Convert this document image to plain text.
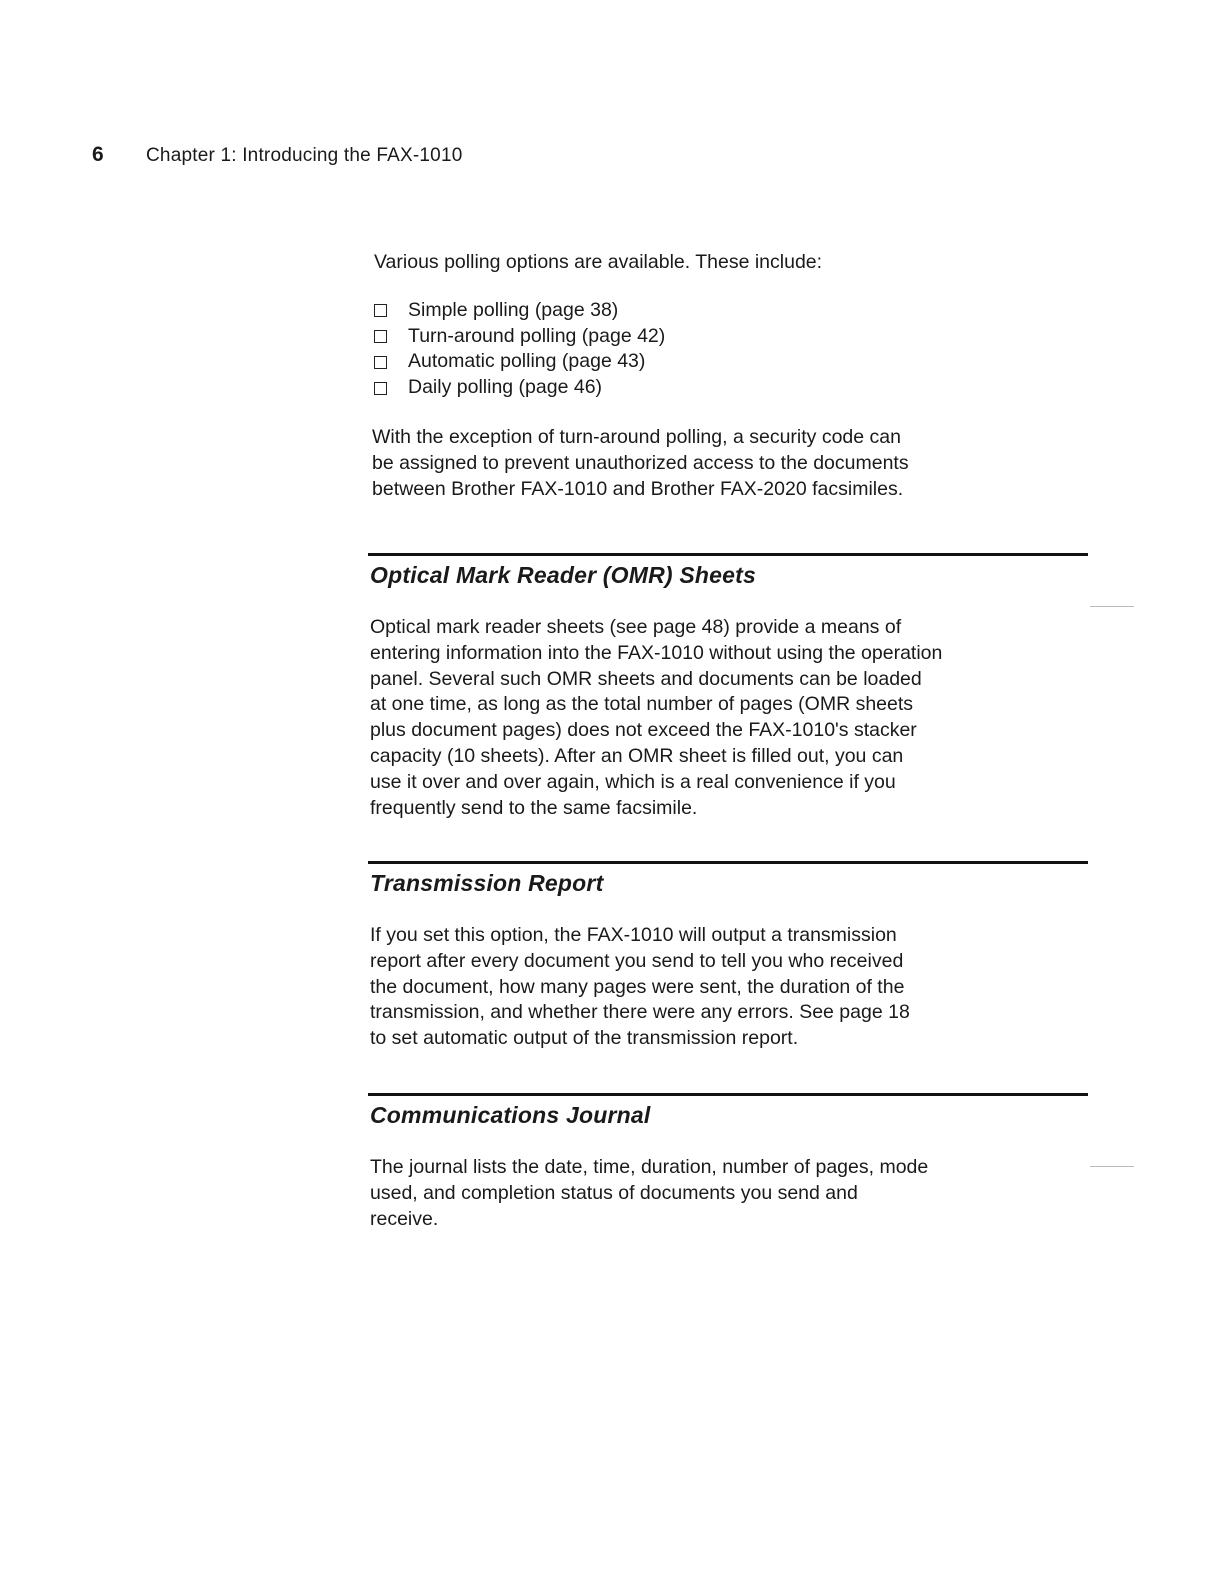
6	Chapter 1: Introducing the FAX-1010

Various polling options are available. These include:

Simple polling (page 38)
Turn-around polling (page 42)
Automatic polling (page 43)
Daily polling (page 46)

With the exception of turn-around polling, a security code can
be assigned to prevent unauthorized access to the documents
between Brother FAX-1010 and Brother FAX-2020 facsimiles.

Optical Mark Reader (OMR) Sheets
Optical mark reader sheets (see page 48) provide a means of
entering information into the FAX-1010 without using the operation
panel. Several such OMR sheets and documents can be loaded
at one time, as long as the total number of pages (OMR sheets
plus document pages) does not exceed the FAX-1010's stacker
capacity (10 sheets). After an OMR sheet is filled out, you can
use it over and over again, which is a real convenience if you
frequently send to the same facsimile.
Transmission Report
If you set this option, the FAX-1010 will output a transmission
report after every document you send to tell you who received
the document, how many pages were sent, the duration of the
transmission, and whether there were any errors. See page 18
to set automatic output of the transmission report.
Communications Journal
The journal lists the date, time, duration, number of pages, mode
used, and completion status of documents you send and
receive.
